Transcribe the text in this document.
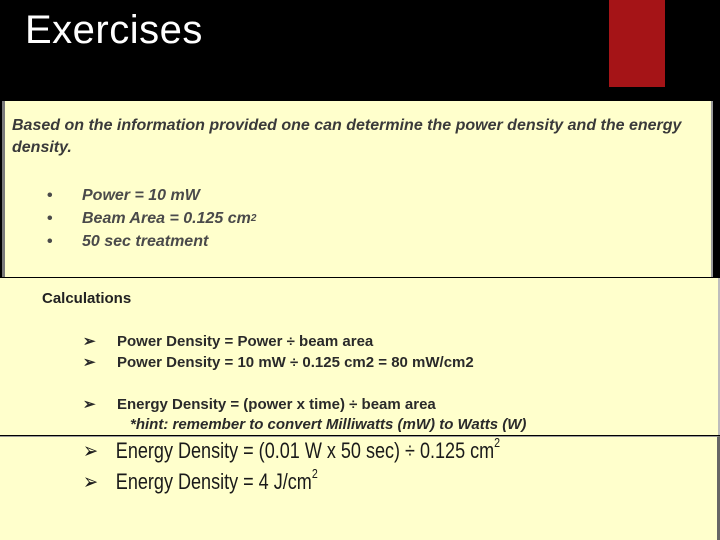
Exercises
Based on the information provided one can determine the power density and the energy density.
•	Power = 10 mW
•	Beam Area = 0.125 cm 2
•	50 sec treatment
Calculations
➢	Power Density = Power ÷ beam area
➢	Power Density = 10 mW ÷ 0.125 cm2 = 80 mW/cm2
➢	Energy Density = (power x time) ÷ beam area
*hint: remember to convert Milliwatts (mW) to Watts (W)
➢ Energy Density = (0.01 W x 50 sec) ÷ 0.125 $cm^2$
➢ Energy Density = 4 $J/cm^2$
